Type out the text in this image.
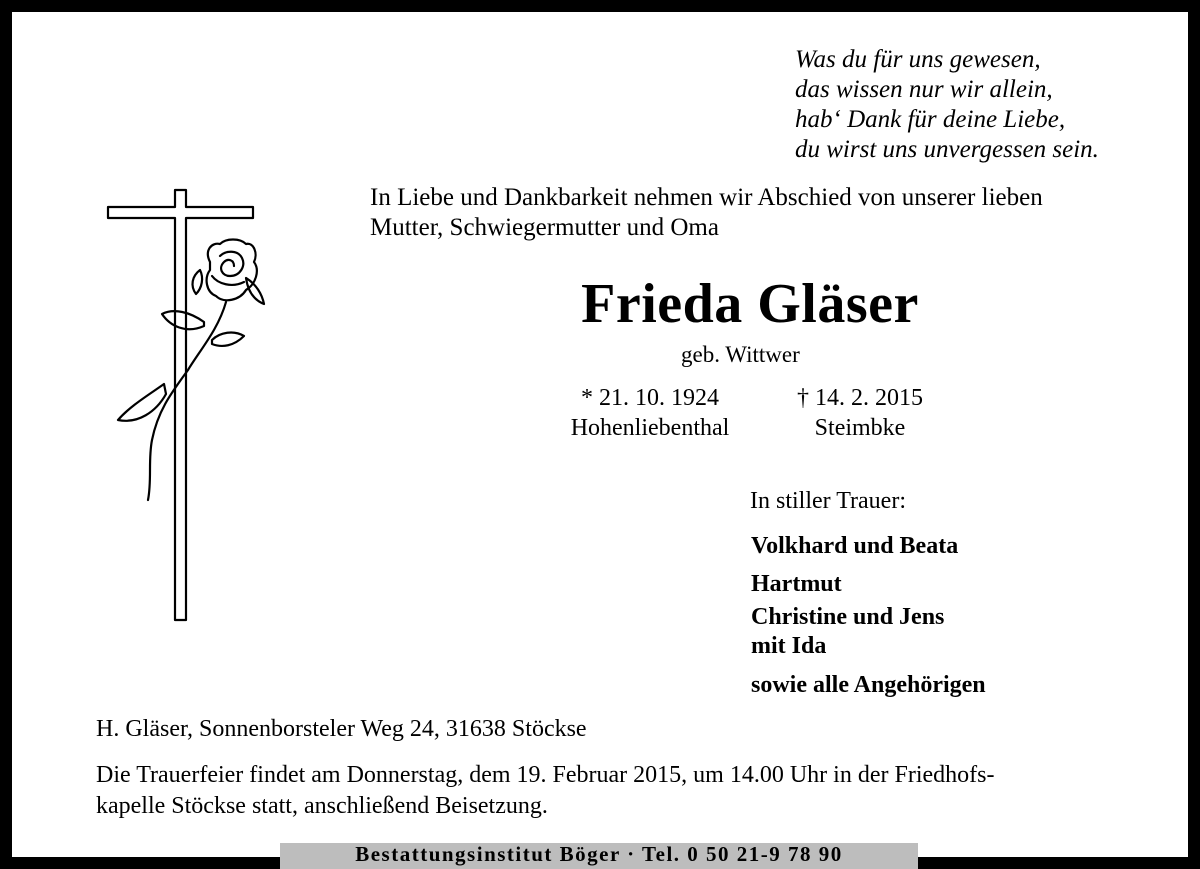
Was du für uns gewesen,
das wissen nur wir allein,
hab‘ Dank für deine Liebe,
du wirst uns unvergessen sein.
In Liebe und Dankbarkeit nehmen wir Abschied von unserer lieben
Mutter, Schwiegermutter und Oma
Frieda Gläser
geb. Wittwer
* 21. 10. 1924
Hohenliebenthal
† 14. 2. 2015
Steimbke
In stiller Trauer:
Volkhard und Beata
Hartmut
Christine und Jens
mit Ida
sowie alle Angehörigen
H. Gläser, Sonnenborsteler Weg 24, 31638 Stöckse
Die Trauerfeier findet am Donnerstag, dem 19. Februar 2015, um 14.00 Uhr in der Friedhofs-
kapelle Stöckse statt, anschließend Beisetzung.
Bestattungsinstitut Böger · Tel. 0 50 21-9 78 90
